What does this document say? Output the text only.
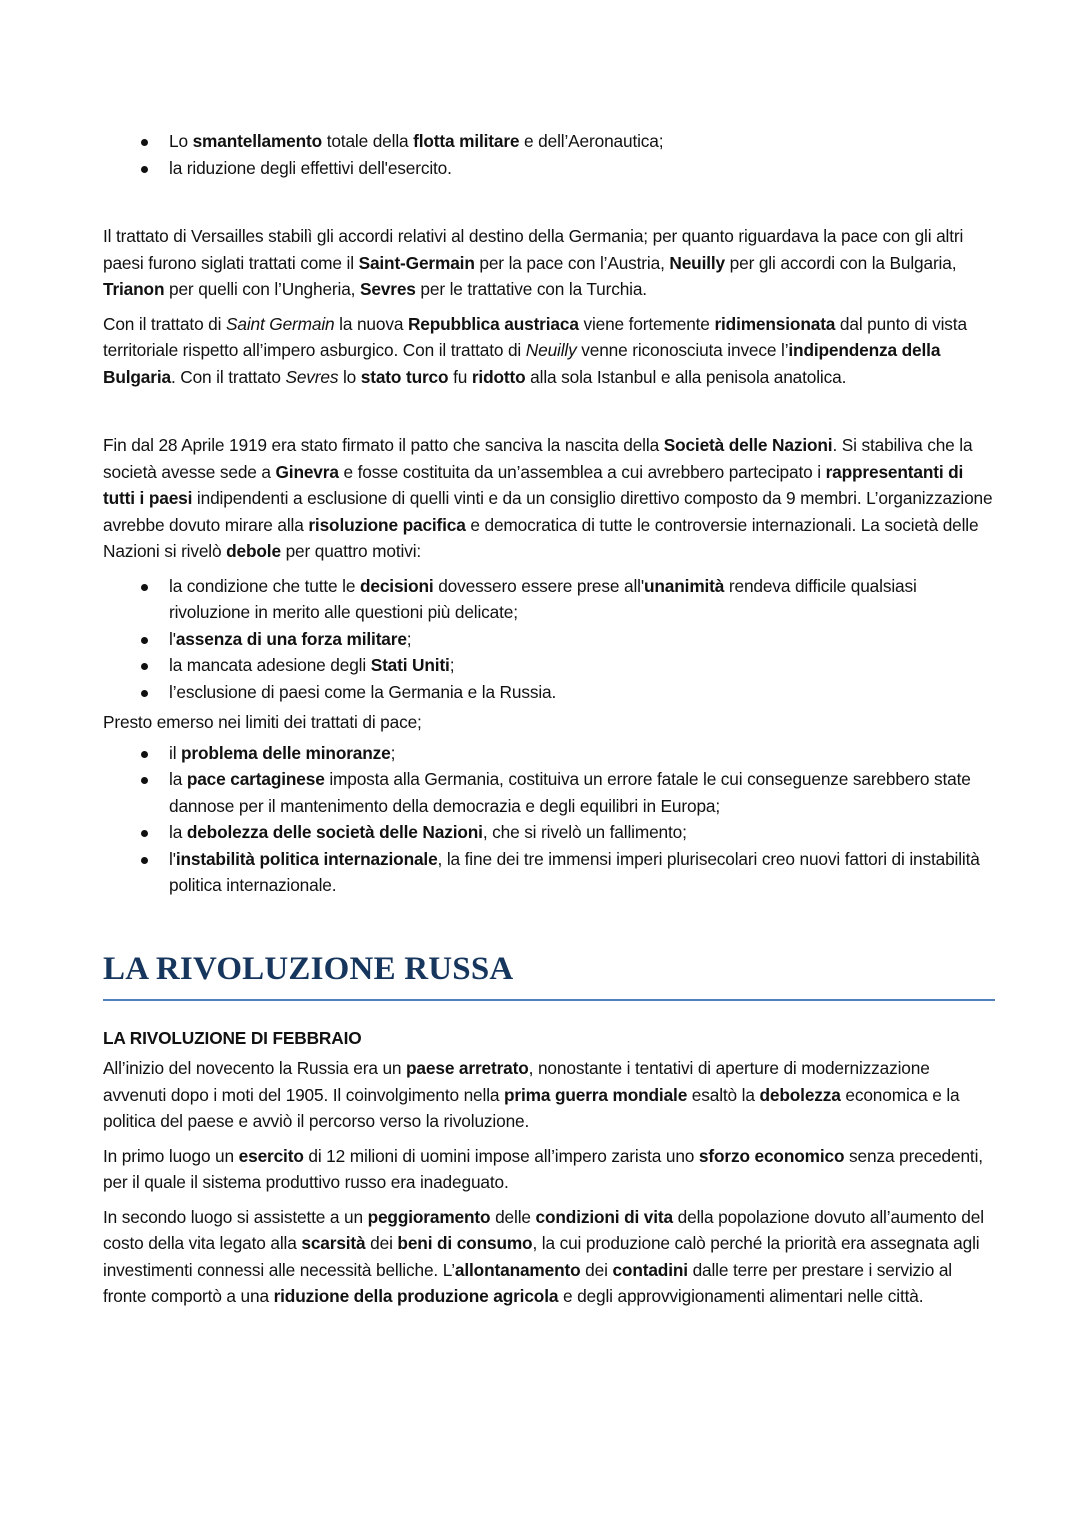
Lo smantellamento totale della flotta militare e dell’Aeronautica;
la riduzione degli effettivi dell'esercito.

Il trattato di Versailles stabilì gli accordi relativi al destino della Germania; per quanto riguardava la pace con gli altri paesi furono siglati trattati come il Saint-Germain per la pace con l’Austria, Neuilly per gli accordi con la Bulgaria, Trianon per quelli con l’Ungheria, Sevres per le trattative con la Turchia.

Con il trattato di Saint Germain la nuova Repubblica austriaca viene fortemente ridimensionata dal punto di vista territoriale rispetto all’impero asburgico. Con il trattato di Neuilly venne riconosciuta invece l’indipendenza della Bulgaria. Con il trattato Sevres lo stato turco fu ridotto alla sola Istanbul e alla penisola anatolica.

Fin dal 28 Aprile 1919 era stato firmato il patto che sanciva la nascita della Società delle Nazioni. Si stabiliva che la società avesse sede a Ginevra e fosse costituita da un’assemblea a cui avrebbero partecipato i rappresentanti di tutti i paesi indipendenti a esclusione di quelli vinti e da un consiglio direttivo composto da 9 membri. L’organizzazione avrebbe dovuto mirare alla risoluzione pacifica e democratica di tutte le controversie internazionali. La società delle Nazioni si rivelò debole per quattro motivi:

la condizione che tutte le decisioni dovessero essere prese all'unanimità rendeva difficile qualsiasi rivoluzione in merito alle questioni più delicate;
l'assenza di una forza militare;
la mancata adesione degli Stati Uniti;
l’esclusione di paesi come la Germania e la Russia.

Presto emerso nei limiti dei trattati di pace;

il problema delle minoranze;
la pace cartaginese imposta alla Germania, costituiva un errore fatale le cui conseguenze sarebbero state dannose per il mantenimento della democrazia e degli equilibri in Europa;
la debolezza delle società delle Nazioni, che si rivelò un fallimento;
l'instabilità politica internazionale, la fine dei tre immensi imperi plurisecolari creo nuovi fattori di instabilità politica internazionale.
LA RIVOLUZIONE RUSSA
LA RIVOLUZIONE DI FEBBRAIO

All’inizio del novecento la Russia era un paese arretrato, nonostante i tentativi di aperture di modernizzazione avvenuti dopo i moti del 1905. Il coinvolgimento nella prima guerra mondiale esaltò la debolezza economica e la politica del paese e avviò il percorso verso la rivoluzione.

In primo luogo un esercito di 12 milioni di uomini impose all’impero zarista uno sforzo economico senza precedenti, per il quale il sistema produttivo russo era inadeguato.

In secondo luogo si assistette a un peggioramento delle condizioni di vita della popolazione dovuto all’aumento del costo della vita legato alla scarsità dei beni di consumo, la cui produzione calò perché la priorità era assegnata agli investimenti connessi alle necessità belliche. L’allontanamento dei contadini dalle terre per prestare i servizio al fronte comportò a una riduzione della produzione agricola e degli approvvigionamenti alimentari nelle città.
